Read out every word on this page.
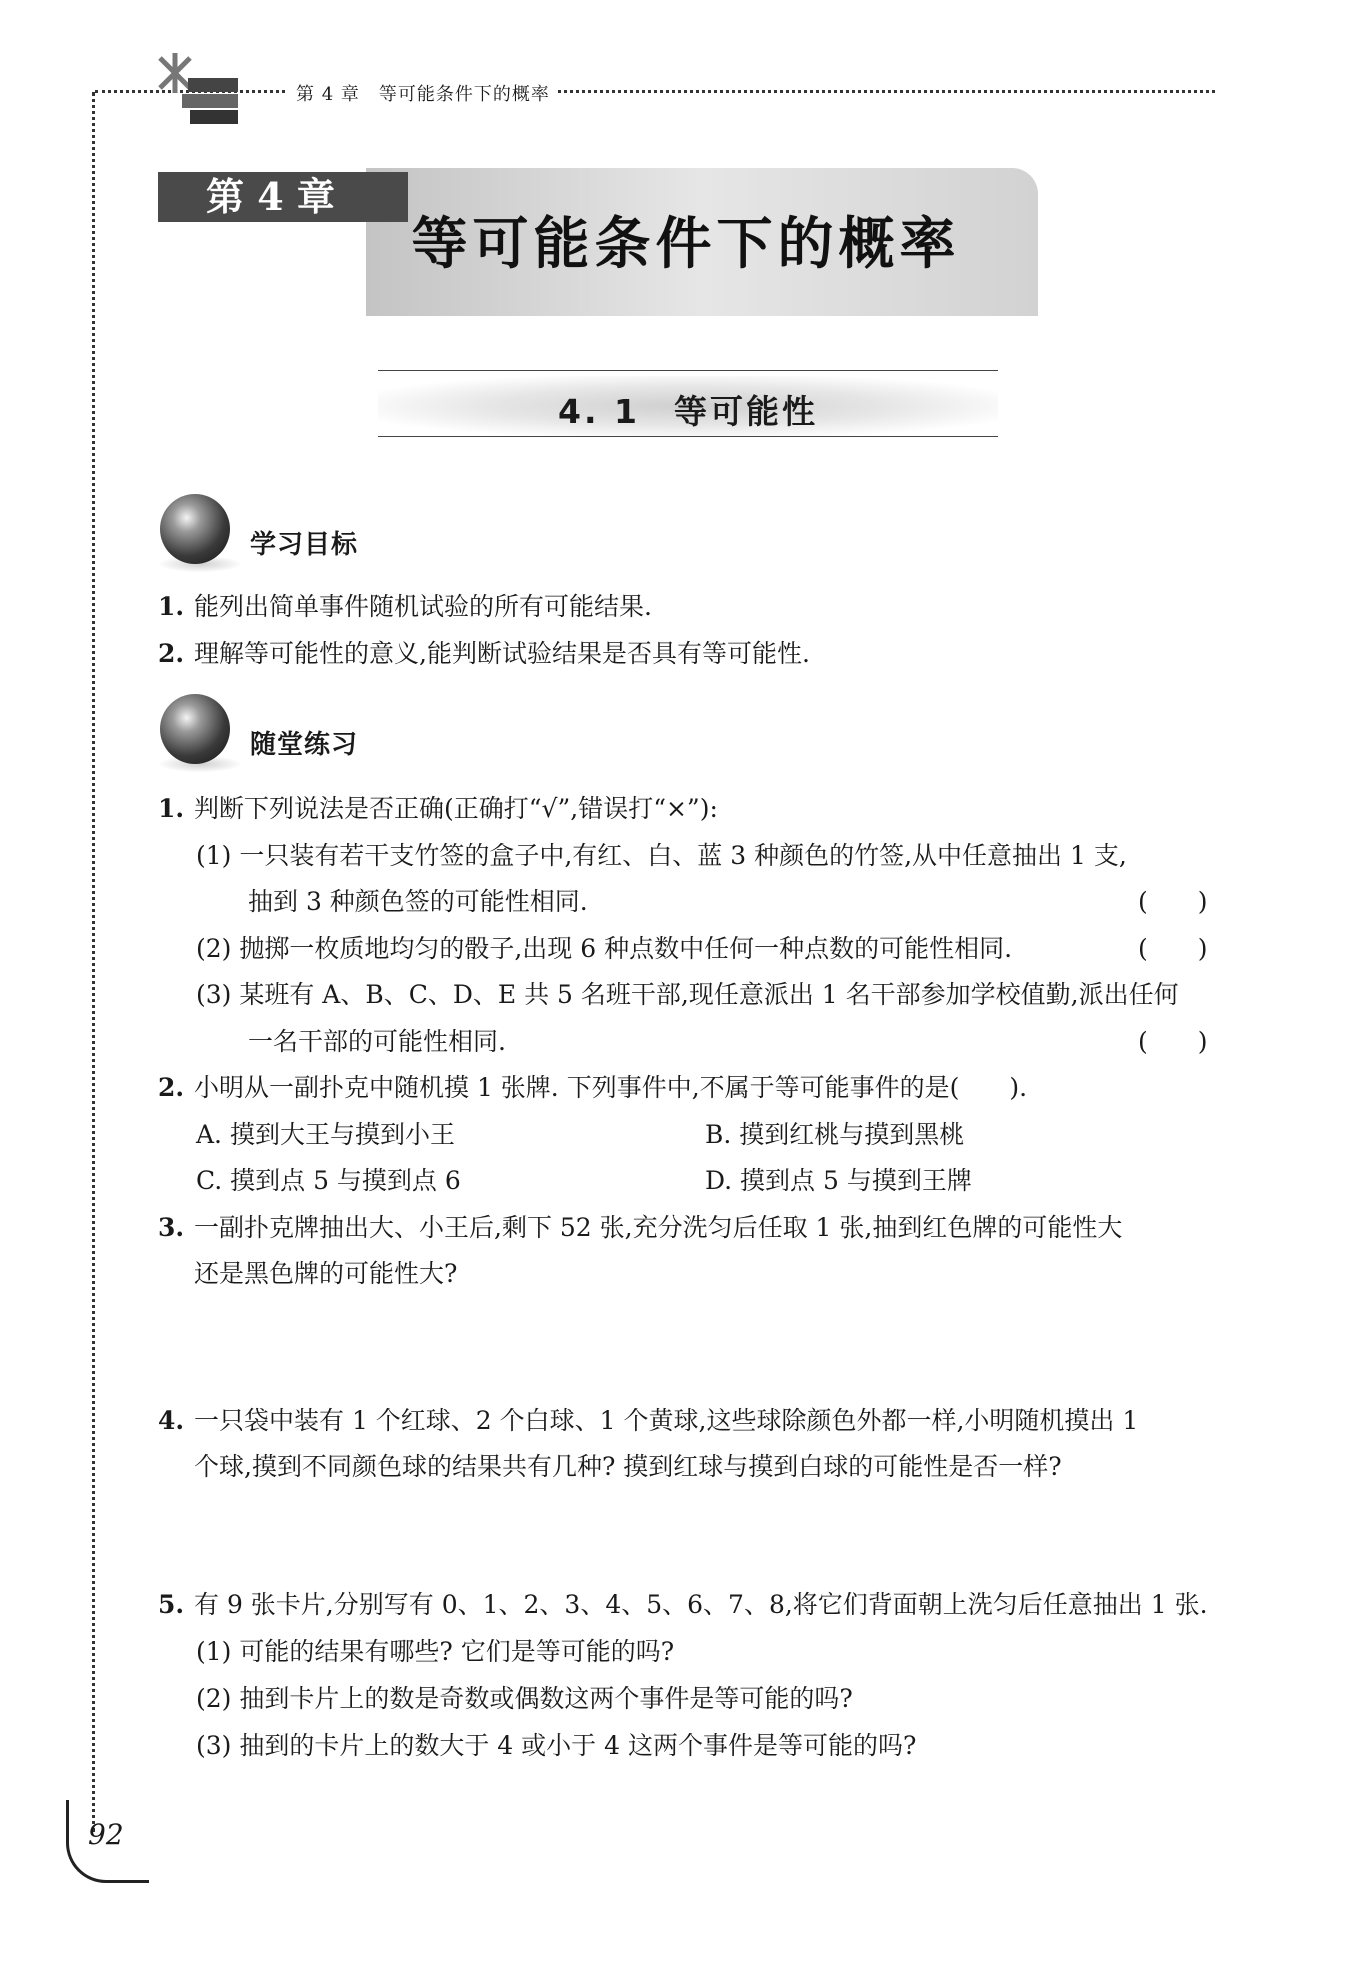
第 4 章　等可能条件下的概率
第 4 章
等可能条件下的概率
4. 1 等可能性
学习目标
1. 能列出简单事件随机试验的所有可能结果.
2. 理解等可能性的意义,能判断试验结果是否具有等可能性.
随堂练习
1. 判断下列说法是否正确(正确打“√”,错误打“×”):
(1) 一只装有若干支竹签的盒子中,有红、白、蓝 3 种颜色的竹签,从中任意抽出 1 支,
抽到 3 种颜色签的可能性相同.	(　　)
(2) 抛掷一枚质地均匀的骰子,出现 6 种点数中任何一种点数的可能性相同.	(　　)
(3) 某班有 A、B、C、D、E 共 5 名班干部,现任意派出 1 名干部参加学校值勤,派出任何
一名干部的可能性相同.	(　　)
2. 小明从一副扑克中随机摸 1 张牌. 下列事件中,不属于等可能事件的是(　　).
A. 摸到大王与摸到小王	B. 摸到红桃与摸到黑桃
C. 摸到点 5 与摸到点 6	D. 摸到点 5 与摸到王牌
3. 一副扑克牌抽出大、小王后,剩下 52 张,充分洗匀后任取 1 张,抽到红色牌的可能性大
还是黑色牌的可能性大?
4. 一只袋中装有 1 个红球、2 个白球、1 个黄球,这些球除颜色外都一样,小明随机摸出 1
个球,摸到不同颜色球的结果共有几种? 摸到红球与摸到白球的可能性是否一样?
5. 有 9 张卡片,分别写有 0、1、2、3、4、5、6、7、8,将它们背面朝上洗匀后任意抽出 1 张.
(1) 可能的结果有哪些? 它们是等可能的吗?
(2) 抽到卡片上的数是奇数或偶数这两个事件是等可能的吗?
(3) 抽到的卡片上的数大于 4 或小于 4 这两个事件是等可能的吗?
92
